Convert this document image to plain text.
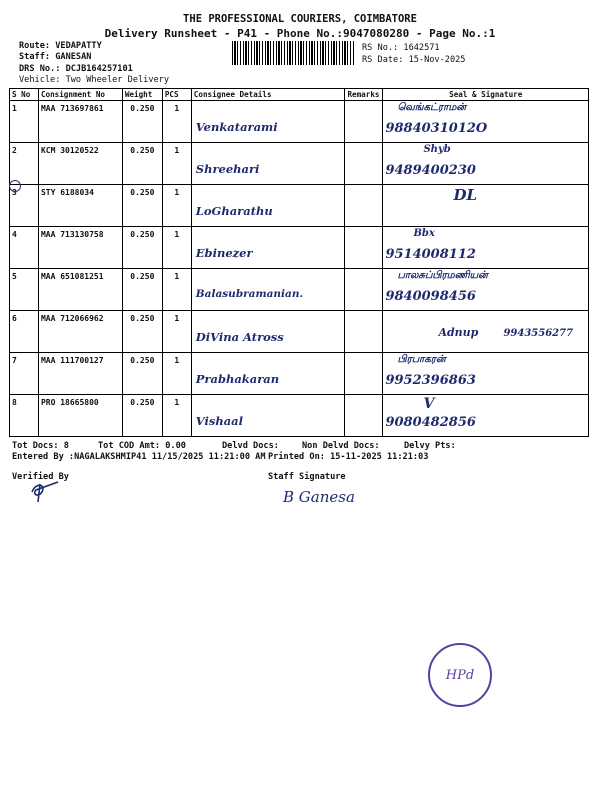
THE PROFESSIONAL COURIERS, COIMBATORE
Delivery Runsheet - P41 - Phone No.:9047080280 - Page No.:1
Route: VEDAPATTY
Staff: GANESAN
DRS No.: DCJB164257101
Vehicle: Two Wheeler Delivery
RS No.: 1642571
RS Date: 15-Nov-2025
S No	Consignment No	Weight	PCS	Consignee Details	Remarks	Seal & Signature
1	MAA 713697861	0.250	1	Venkatarami		வெங்கட்ராமன்
9884031012O

2	KCM 30120522	0.250	1	Shreehari		Shyb
9489400230

3	STY 6188034	0.250	1	LoGharathu		DL

4	MAA 713130758	0.250	1	Ebinezer		Bbx
9514008112

5	MAA 651081251	0.250	1	Balasubramanian.		பாலசுப்பிரமணியன்
9840098456

6	MAA 712066962	0.250	1	DiVina Atross		Adnup 9943556277

7	MAA 111700127	0.250	1	Prabhakaran		பிரபாகரன்
9952396863

8	PRO 18665800	0.250	1	Vishaal		V
9080482856
Tot Docs: 8	Tot COD Amt: 0.00	Delvd Docs:	Non Delvd Docs:	Delvy Pts:
Entered By :NAGALAKSHMIP41 11/15/2025 11:21:00 AM Printed On: 15-11-2025 11:21:03
Verified By	Staff Signature
B Ganesa
HPd
